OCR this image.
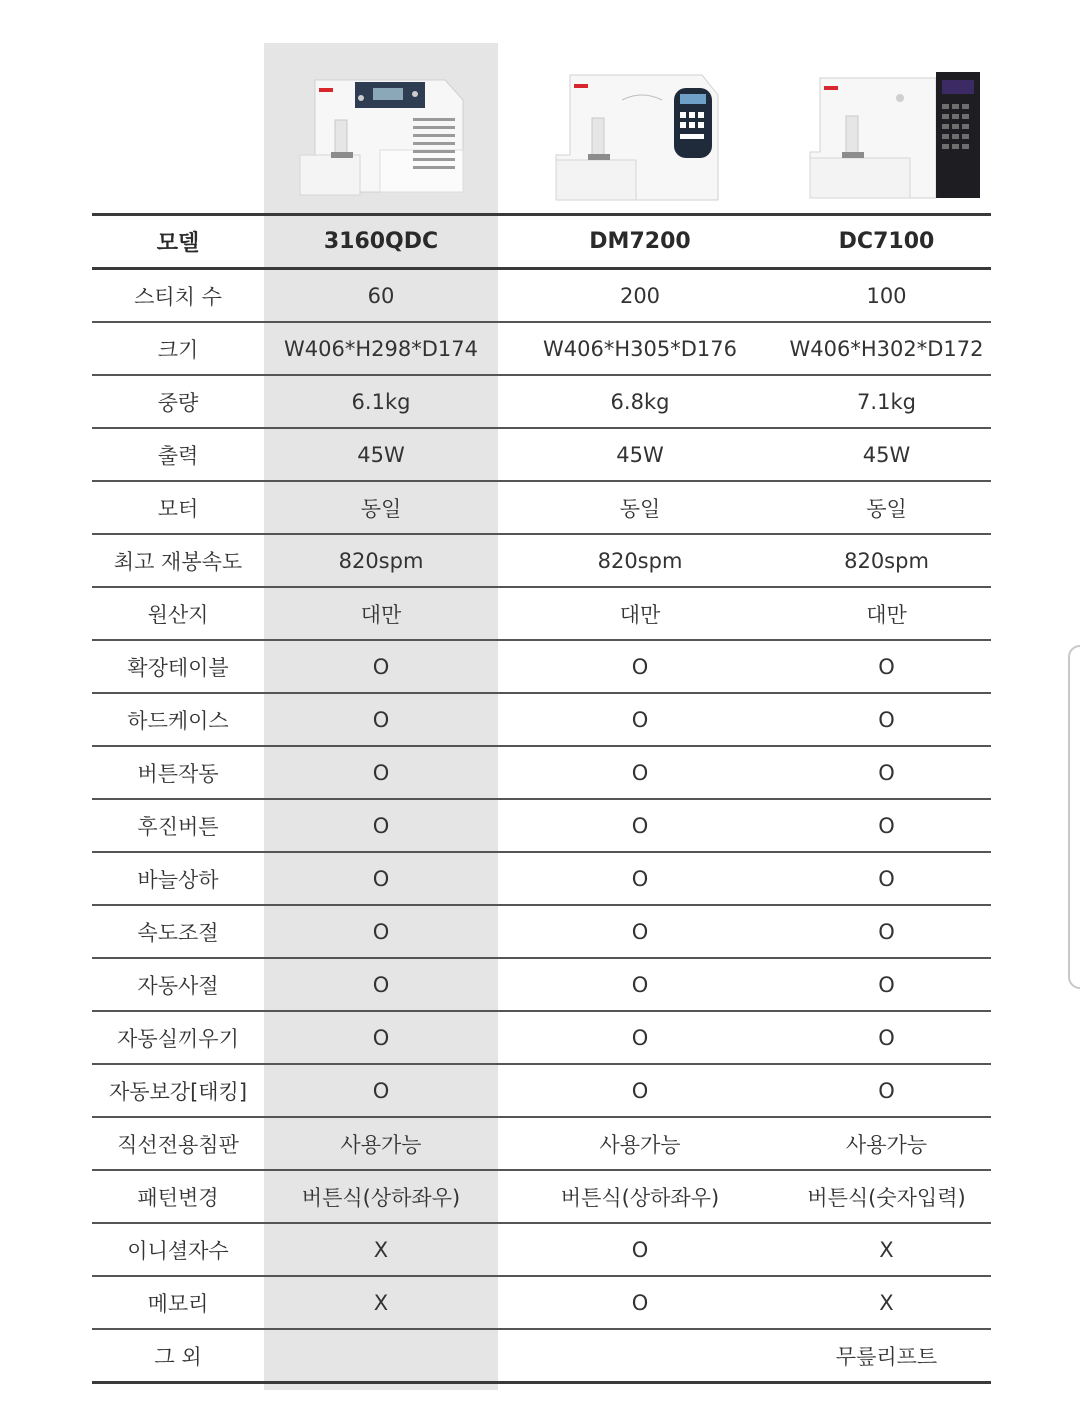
모델	3160QDC	DM7200	DC7100
스티치 수	60	200	100
크기	W406*H298*D174	W406*H305*D176	W406*H302*D172
중량	6.1kg	6.8kg	7.1kg
출력	45W	45W	45W
모터	동일	동일	동일
최고 재봉속도	820spm	820spm	820spm
원산지	대만	대만	대만
확장테이블	O	O	O
하드케이스	O	O	O
버튼작동	O	O	O
후진버튼	O	O	O
바늘상하	O	O	O
속도조절	O	O	O
자동사절	O	O	O
자동실끼우기	O	O	O
자동보강[태킹]	O	O	O
직선전용침판	사용가능	사용가능	사용가능
패턴변경	버튼식(상하좌우)	버튼식(상하좌우)	버튼식(숫자입력)
이니셜자수	X	O	X
메모리	X	O	X
그 외			무릎리프트
